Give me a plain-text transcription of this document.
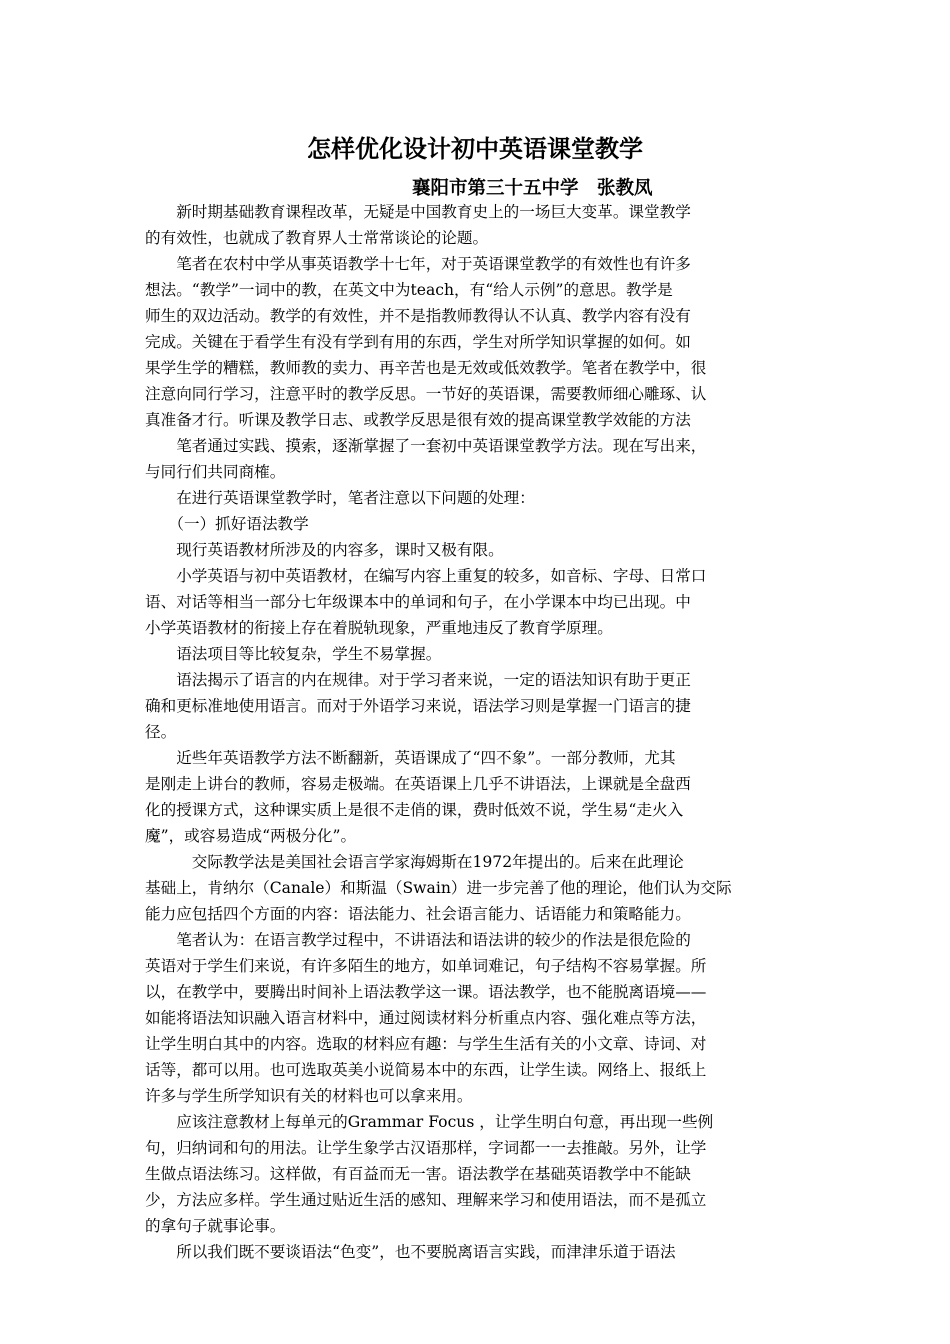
怎样优化设计初中英语课堂教学
襄阳市第三十五中学　张教凤

　　新时期基础教育课程改革，无疑是中国教育史上的一场巨大变革。课堂教学

的有效性，也就成了教育界人士常常谈论的论题。

　　笔者在农村中学从事英语教学十七年，对于英语课堂教学的有效性也有许多

想法。“教学”一词中的教，在英文中为teach，有“给人示例”的意思。教学是

师生的双边活动。教学的有效性，并不是指教师教得认不认真、教学内容有没有

完成。关键在于看学生有没有学到有用的东西，学生对所学知识掌握的如何。如

果学生学的糟糕，教师教的卖力、再辛苦也是无效或低效教学。笔者在教学中，很

注意向同行学习，注意平时的教学反思。一节好的英语课，需要教师细心雕琢、认

真准备才行。听课及教学日志、或教学反思是很有效的提高课堂教学效能的方法

　　笔者通过实践、摸索，逐渐掌握了一套初中英语课堂教学方法。现在写出来，

与同行们共同商榷。

　　在进行英语课堂教学时，笔者注意以下问题的处理：

　　（一）抓好语法教学

　　现行英语教材所涉及的内容多，课时又极有限。

　　小学英语与初中英语教材，在编写内容上重复的较多，如音标、字母、日常口

语、对话等相当一部分七年级课本中的单词和句子，在小学课本中均已出现。中

小学英语教材的衔接上存在着脱轨现象，严重地违反了教育学原理。

　　语法项目等比较复杂，学生不易掌握。

　　语法揭示了语言的内在规律。对于学习者来说，一定的语法知识有助于更正

确和更标准地使用语言。而对于外语学习来说，语法学习则是掌握一门语言的捷

径。

　　近些年英语教学方法不断翻新，英语课成了“四不象”。一部分教师，尤其

是刚走上讲台的教师，容易走极端。在英语课上几乎不讲语法，上课就是全盘西

化的授课方式，这种课实质上是很不走俏的课，费时低效不说，学生易“走火入

魔”，或容易造成“两极分化”。

　　　交际教学法是美国社会语言学家海姆斯在1972年提出的。后来在此理论

基础上，肯纳尔（Canale）和斯温（Swain）进一步完善了他的理论，他们认为交际

能力应包括四个方面的内容：语法能力、社会语言能力、话语能力和策略能力。

　　笔者认为：在语言教学过程中，不讲语法和语法讲的较少的作法是很危险的

英语对于学生们来说，有许多陌生的地方，如单词难记，句子结构不容易掌握。所

以，在教学中，要腾出时间补上语法教学这一课。语法教学，也不能脱离语境——

如能将语法知识融入语言材料中，通过阅读材料分析重点内容、强化难点等方法，

让学生明白其中的内容。选取的材料应有趣：与学生生活有关的小文章、诗词、对

话等，都可以用。也可选取英美小说简易本中的东西，让学生读。网络上、报纸上

许多与学生所学知识有关的材料也可以拿来用。

　　应该注意教材上每单元的Grammar Focus ，让学生明白句意，再出现一些例

句，归纳词和句的用法。让学生象学古汉语那样，字词都一一去推敲。另外，让学

生做点语法练习。这样做，有百益而无一害。语法教学在基础英语教学中不能缺

少，方法应多样。学生通过贴近生活的感知、理解来学习和使用语法，而不是孤立

的拿句子就事论事。

　　所以我们既不要谈语法“色变”，也不要脱离语言实践，而津津乐道于语法
